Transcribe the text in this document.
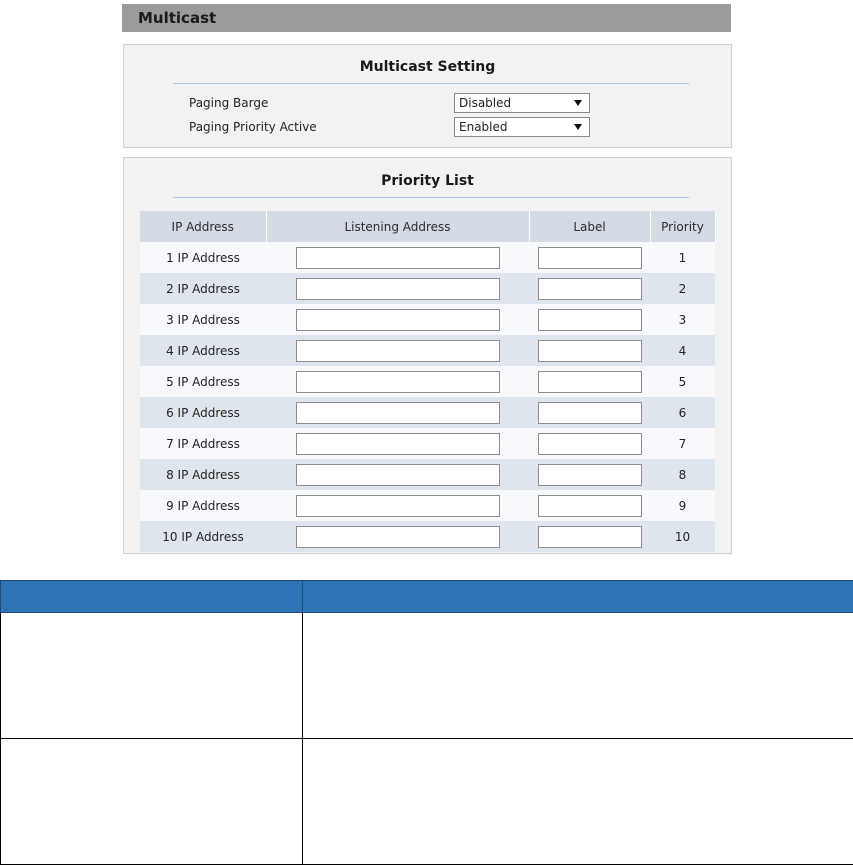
Multicast
Multicast Setting
Paging Barge	Disabled
Paging Priority Active	Enabled
Priority List
IP Address	Listening Address	Label	Priority
1 IP Address			1
2 IP Address			2
3 IP Address			3
4 IP Address			4
5 IP Address			5
6 IP Address			6
7 IP Address			7
8 IP Address			8
9 IP Address			9
10 IP Address			10
